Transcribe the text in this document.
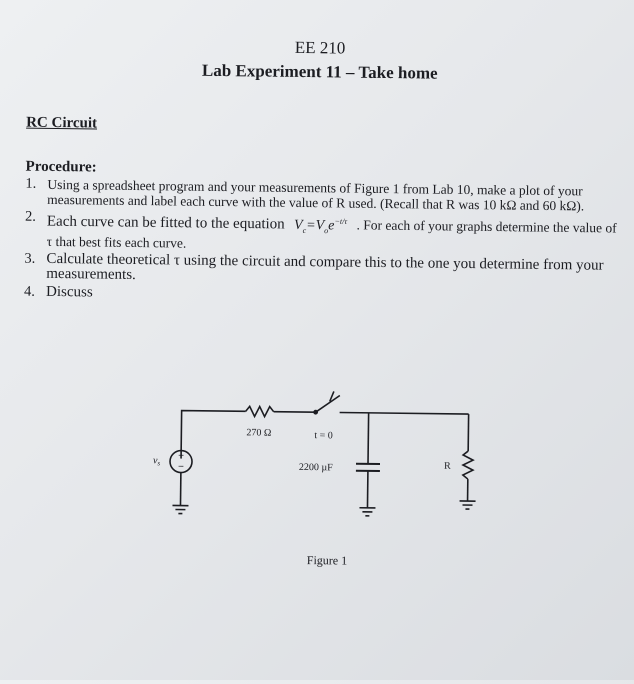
EE 210
Lab Experiment 11 – Take home
RC Circuit
Procedure:
1. Using a spreadsheet program and your measurements of Figure 1 from Lab 10, make a plot of your measurements and label each curve with the value of R used. (Recall that R was 10 kΩ and 60 kΩ).
2. Each curve can be fitted to the equation $V_c=V_oe^{-t/\tau}$ . For each of your graphs determine the value of τ that best fits each curve.
3. Calculate theoretical τ using the circuit and compare this to the one you determine from your measurements.
4. Discuss
+
−
$v_s$
270 Ω	t = 0
2200 µF	R
Figure 1
